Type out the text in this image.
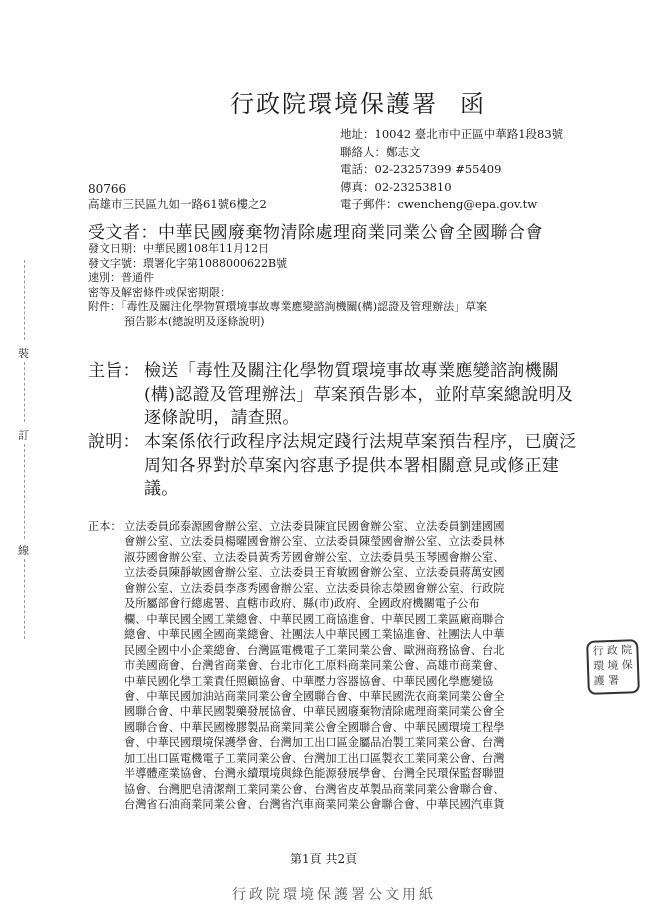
裝
訂
線
行政院環境保護署 函
地址：10042 臺北市中正區中華路1段83號
聯絡人：鄭志文
電話：02-23257399 #55409
傳真：02-23253810
電子郵件：cwencheng@epa.gov.tw
80766
高雄市三民區九如一路61號6樓之2
受文者：中華民國廢棄物清除處理商業同業公會全國聯合會
發文日期：中華民國108年11月12日
發文字號：環署化字第1088000622B號
速別：普通件
密等及解密條件或保密期限：
附件：「毒性及關注化學物質環境事故專業應變諮詢機關(構)認證及管理辦法」草案
預告影本(總說明及逐條說明)
主旨： 檢送「毒性及關注化學物質環境事故專業應變諮詢機關
(構)認證及管理辦法」草案預告影本，並附草案總說明及
逐條說明，請查照。
說明： 本案係依行政程序法規定踐行法規草案預告程序，已廣泛
周知各界對於草案內容惠予提供本署相關意見或修正建
議。
正本： 立法委員邱泰源國會辦公室、立法委員陳宜民國會辦公室、立法委員劉建國國
會辦公室、立法委員楊曜國會辦公室、立法委員陳瑩國會辦公室、立法委員林
淑芬國會辦公室、立法委員黃秀芳國會辦公室、立法委員吳玉琴國會辦公室、
立法委員陳靜敏國會辦公室、立法委員王育敏國會辦公室、立法委員蔣萬安國
會辦公室、立法委員李彥秀國會辦公室、立法委員徐志榮國會辦公室、行政院
及所屬部會行總處署、直轄市政府、縣(市)政府、全國政府機關電子公布
欄、中華民國全國工業總會、中華民國工商協進會、中華民國工業區廠商聯合
總會、中華民國全國商業總會、社團法人中華民國工業協進會、社團法人中華
民國全國中小企業總會、台灣區電機電子工業同業公會、歐洲商務協會、台北
市美國商會、台灣省商業會、台北市化工原料商業同業公會、高雄市商業會、
中華民國化學工業責任照顧協會、中華壓力容器協會、中華民國化學應變協
會、中華民國加油站商業同業公會全國聯合會、中華民國洗衣商業同業公會全
國聯合會、中華民國製藥發展協會、中華民國廢棄物清除處理商業同業公會全
國聯合會、中華民國橡膠製品商業同業公會全國聯合會、中華民國環境工程學
會、中華民國環境保護學會、台灣加工出口區金屬品冶製工業同業公會、台灣
加工出口區電機電子工業同業公會、台灣加工出口區製衣工業同業公會、台灣
半導體產業協會、台灣永續環境與綠色能源發展學會、台灣全民環保監督聯盟
協會、台灣肥皂清潔劑工業同業公會、台灣省皮革製品商業同業公會聯合會、
台灣省石油商業同業公會、台灣省汽車商業同業公會聯合會、中華民國汽車貨
行 政 院
環 境 保
護 署
第1頁 共2頁
行政院環境保護署公文用紙
